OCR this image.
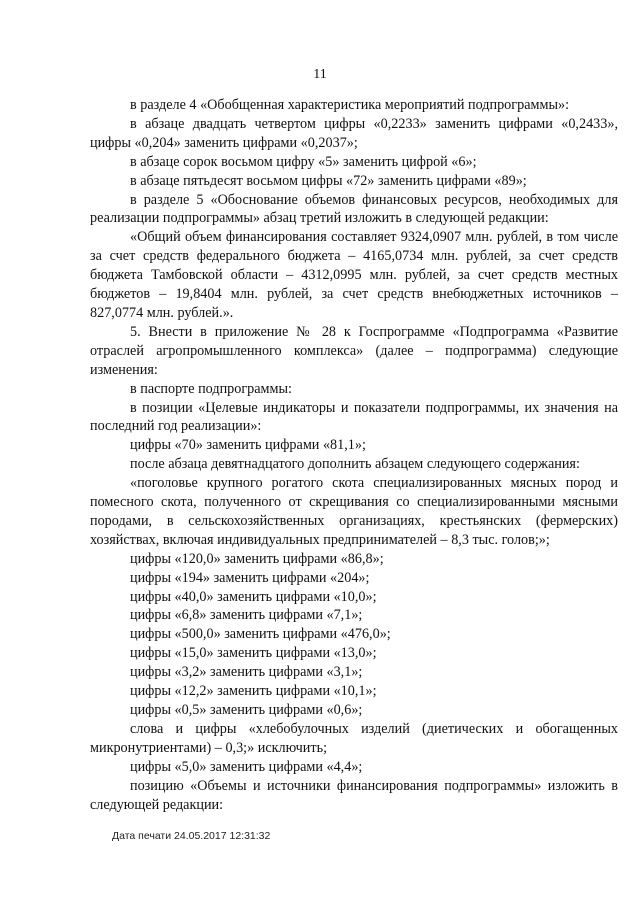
11

в разделе 4 «Обобщенная характеристика мероприятий подпрограммы»:

в абзаце двадцать четвертом цифры «0,2233» заменить цифрами «0,2433», цифры «0,204» заменить цифрами «0,2037»;

в абзаце сорок восьмом цифру «5» заменить цифрой «6»;

в абзаце пятьдесят восьмом цифры «72» заменить цифрами «89»;

в разделе 5 «Обоснование объемов финансовых ресурсов, необходимых для реализации подпрограммы» абзац третий изложить в следующей редакции:

«Общий объем финансирования составляет 9324,0907 млн. рублей, в том числе за счет средств федерального бюджета – 4165,0734 млн. рублей, за счет средств бюджета Тамбовской области – 4312,0995 млн. рублей, за счет средств местных бюджетов – 19,8404 млн. рублей, за счет средств внебюджетных источников – 827,0774 млн. рублей.».

5. Внести в приложение № 28 к Госпрограмме «Подпрограмма «Развитие отраслей агропромышленного комплекса» (далее – подпрограмма) следующие изменения:

в паспорте подпрограммы:

в позиции «Целевые индикаторы и показатели подпрограммы, их значения на последний год реализации»:

цифры «70» заменить цифрами «81,1»;

после абзаца девятнадцатого дополнить абзацем следующего содержания:

«поголовье крупного рогатого скота специализированных мясных пород и помесного скота, полученного от скрещивания со специализированными мясными породами, в сельскохозяйственных организациях, крестьянских (фермерских) хозяйствах, включая индивидуальных предпринимателей – 8,3 тыс. голов;»;

цифры «120,0» заменить цифрами «86,8»;

цифры «194» заменить цифрами «204»;

цифры «40,0» заменить цифрами «10,0»;

цифры «6,8» заменить цифрами «7,1»;

цифры «500,0» заменить цифрами «476,0»;

цифры «15,0» заменить цифрами «13,0»;

цифры «3,2» заменить цифрами «3,1»;

цифры «12,2» заменить цифрами «10,1»;

цифры «0,5» заменить цифрами «0,6»;

слова и цифры «хлебобулочных изделий (диетических и обогащенных микронутриентами) – 0,3;» исключить;

цифры «5,0» заменить цифрами «4,4»;

позицию «Объемы и источники финансирования подпрограммы» изложить в следующей редакции:

Дата печати 24.05.2017 12:31:32
